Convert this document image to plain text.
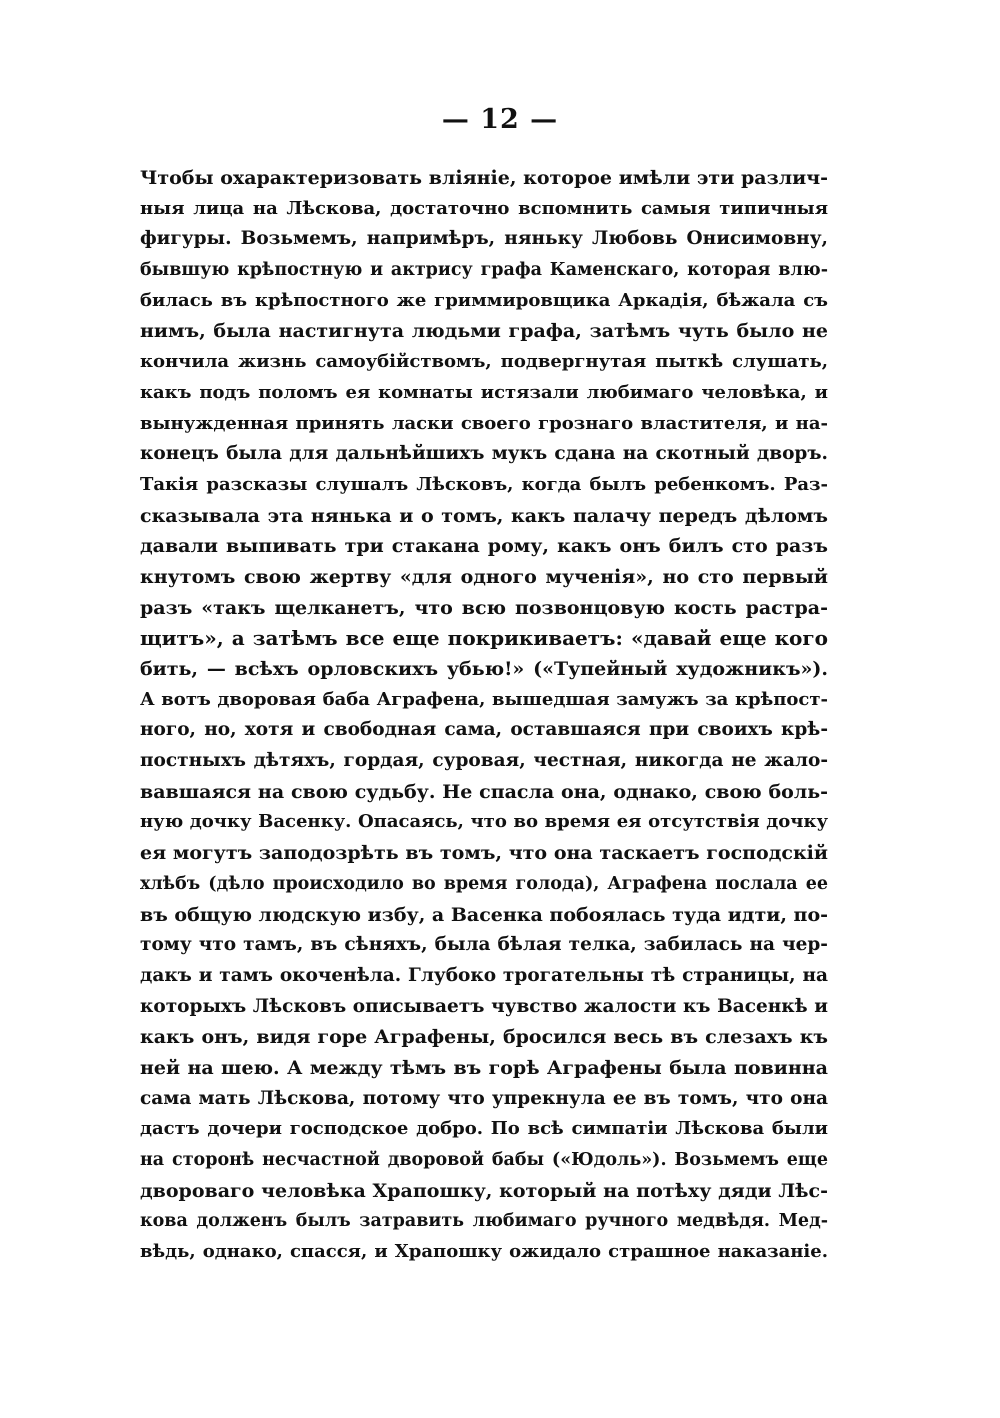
— 12 —
Чтобы охарактеризовать вліяніе, которое имѣли эти различ-
ныя лица на Лѣскова, достаточно вспомнить самыя типичныя
фигуры. Возьмемъ, напримѣръ, няньку Любовь Онисимовну,
бывшую крѣпостную и актрису графа Каменскаго, которая влю-
билась въ крѣпостного же гриммировщика Аркадія, бѣжала съ
нимъ, была настигнута людьми графа, затѣмъ чуть было не
кончила жизнь самоубійствомъ, подвергнутая пыткѣ слушать,
какъ подъ поломъ ея комнаты истязали любимаго человѣка, и
вынужденная принять ласки своего грознаго властителя, и на-
конецъ была для дальнѣйшихъ мукъ сдана на скотный дворъ.
Такія разсказы слушалъ Лѣсковъ, когда былъ ребенкомъ. Раз-
сказывала эта нянька и о томъ, какъ палачу передъ дѣломъ
давали выпивать три стакана рому, какъ онъ билъ сто разъ
кнутомъ свою жертву «для одного мученія», но сто первый
разъ «такъ щелканетъ, что всю позвонцовую кость растра-
щитъ», а затѣмъ все еще покрикиваетъ: «давай еще кого
бить, — всѣхъ орловскихъ убью!» («Тупейный художникъ»).
А вотъ дворовая баба Аграфена, вышедшая замужъ за крѣпост-
ного, но, хотя и свободная сама, оставшаяся при своихъ крѣ-
постныхъ дѣтяхъ, гордая, суровая, честная, никогда не жало-
вавшаяся на свою судьбу. Не спасла она, однако, свою боль-
ную дочку Васенку. Опасаясь, что во время ея отсутствія дочку
ея могутъ заподозрѣть въ томъ, что она таскаетъ господскій
хлѣбъ (дѣло происходило во время голода), Аграфена послала ее
въ общую людскую избу, а Васенка побоялась туда идти, по-
тому что тамъ, въ сѣняхъ, была бѣлая телка, забилась на чер-
дакъ и тамъ окоченѣла. Глубоко трогательны тѣ страницы, на
которыхъ Лѣсковъ описываетъ чувство жалости къ Васенкѣ и
какъ онъ, видя горе Аграфены, бросился весь въ слезахъ къ
ней на шею. А между тѣмъ въ горѣ Аграфены была повинна
сама мать Лѣскова, потому что упрекнула ее въ томъ, что она
дастъ дочери господское добро. По всѣ симпатіи Лѣскова были
на сторонѣ несчастной дворовой бабы («Юдоль»). Возьмемъ еще
двороваго человѣка Храпошку, который на потѣху дяди Лѣс-
кова долженъ былъ затравить любимаго ручного медвѣдя. Мед-
вѣдь, однако, спасся, и Храпошку ожидало страшное наказаніе.
